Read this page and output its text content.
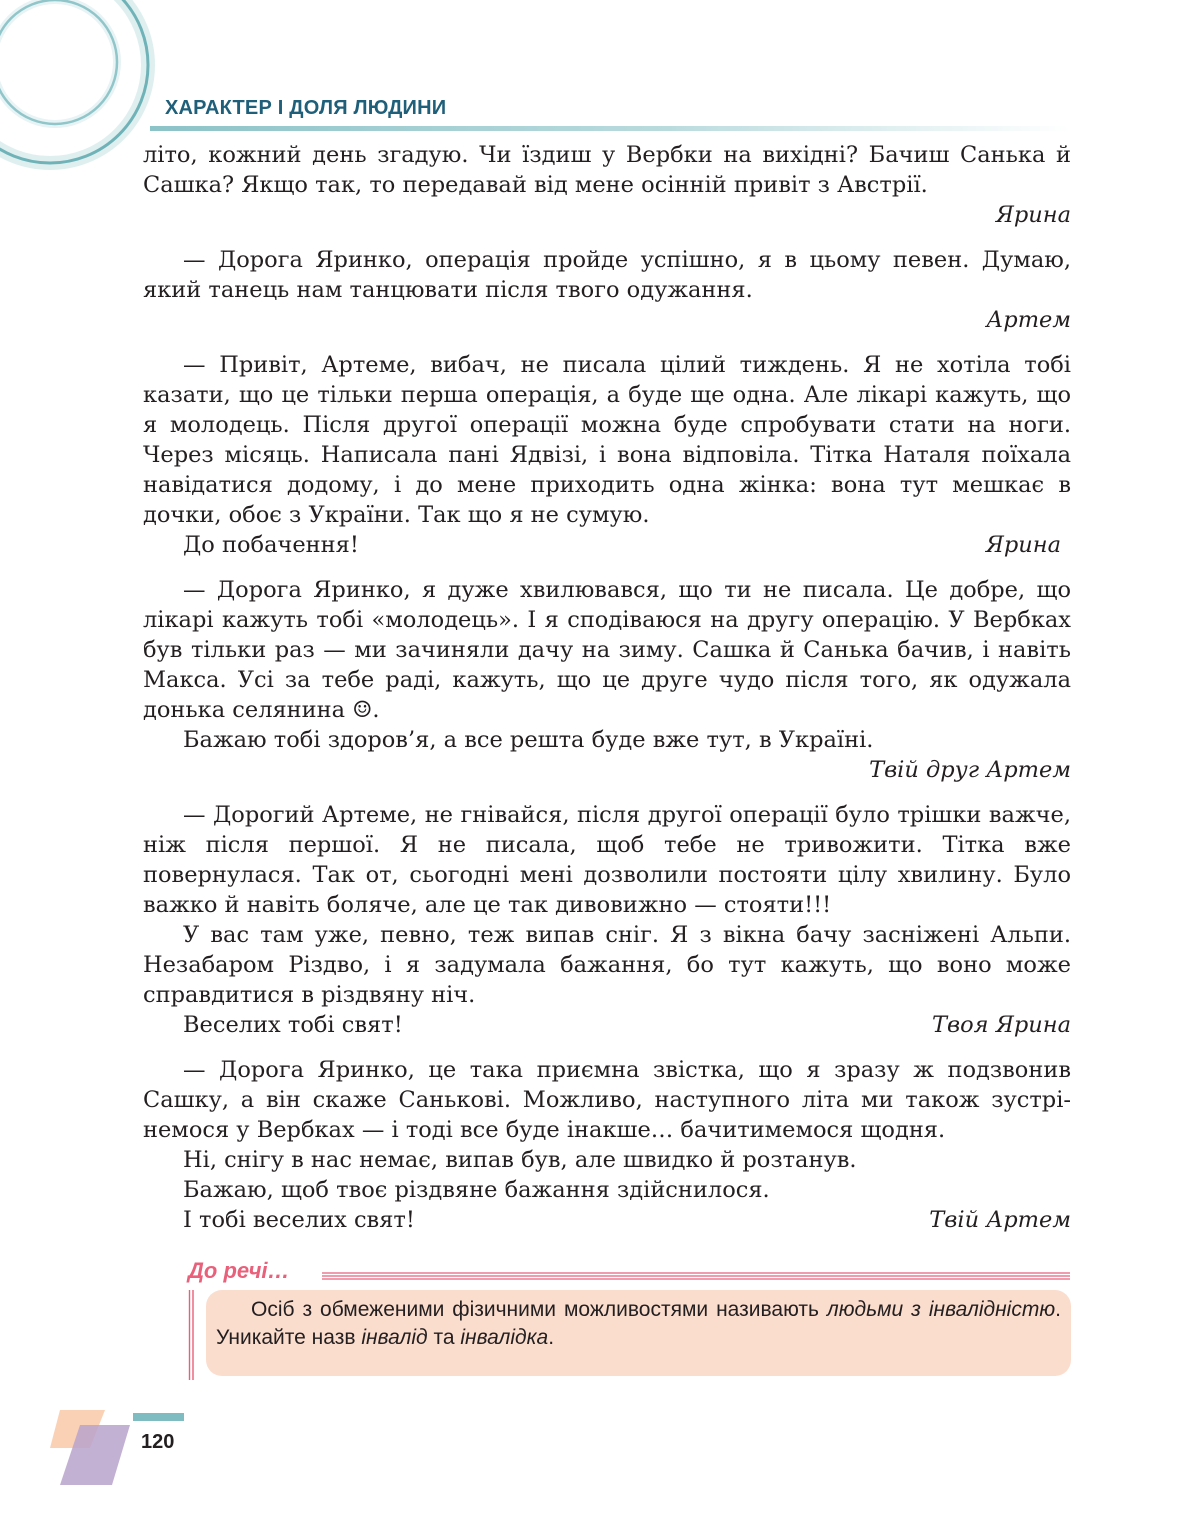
ХАРАКТЕР І ДОЛЯ ЛЮДИНИ

літо, кожний день згадую. Чи їздиш у Вербки на вихідні? Бачиш Санька й

Сашка? Якщо так, то передавай від мене осінній привіт з Австрії.

Ярина

— Дорога Яринко, операція пройде успішно, я в цьому певен. Думаю, який танець нам танцювати після твого одужання.

Артем

— Привіт, Артеме, вибач, не писала цілий тиждень. Я не хотіла тобі казати, що це тільки перша операція, а буде ще одна. Але лікарі кажуть, що я молодець. Після другої операції можна буде спробувати стати на ноги. Через місяць. Написала пані Ядвізі, і вона відповіла. Тітка Наталя поїхала навідатися додому, і до мене приходить одна жінка: вона тут мешкає в дочки, обоє з України. Так що я не сумую.

До побачення!	Ярина

— Дорога Яринко, я дуже хвилювався, що ти не писала. Це добре, що лікарі кажуть тобі «молодець». І я сподіваюся на другу операцію. У Вербках був тільки раз — ми зачиняли дачу на зиму. Сашка й Санька бачив, і навіть Макса. Усі за тебе раді, кажуть, що це друге чудо після того, як одужала донька селянина ☺.

Бажаю тобі здоров’я, а все решта буде вже тут, в Україні.

Твій друг Артем

— Дорогий Артеме, не гнівайся, після другої операції було трішки важче, ніж після першої. Я не писала, щоб тебе не тривожити. Тітка вже повернулася. Так от, сьогодні мені дозволили постояти цілу хвилину. Було важко й навіть боляче, але це так дивовижно — стояти!!!

У вас там уже, певно, теж випав сніг. Я з вікна бачу засніжені Альпи. Незабаром Різдво, і я задумала бажання, бо тут кажуть, що воно може справдитися в різдвяну ніч.

Веселих тобі свят!	Твоя Ярина

— Дорога Яринко, це така приємна звістка, що я зразу ж подзвонив Сашку, а він скаже Санькові. Можливо, наступного літа ми також зустрінемося у Вербках — і тоді все буде інакше… бачитимемося щодня.

Ні, снігу в нас немає, випав був, але швидко й розтанув.

Бажаю, щоб твоє різдвяне бажання здійснилося.

І тобі веселих свят!	Твій Артем
До речі…

Осіб з обмеженими фізичними можливостями називають людьми з інвалідністю. Уникайте назв інвалід та інвалідка.

120
